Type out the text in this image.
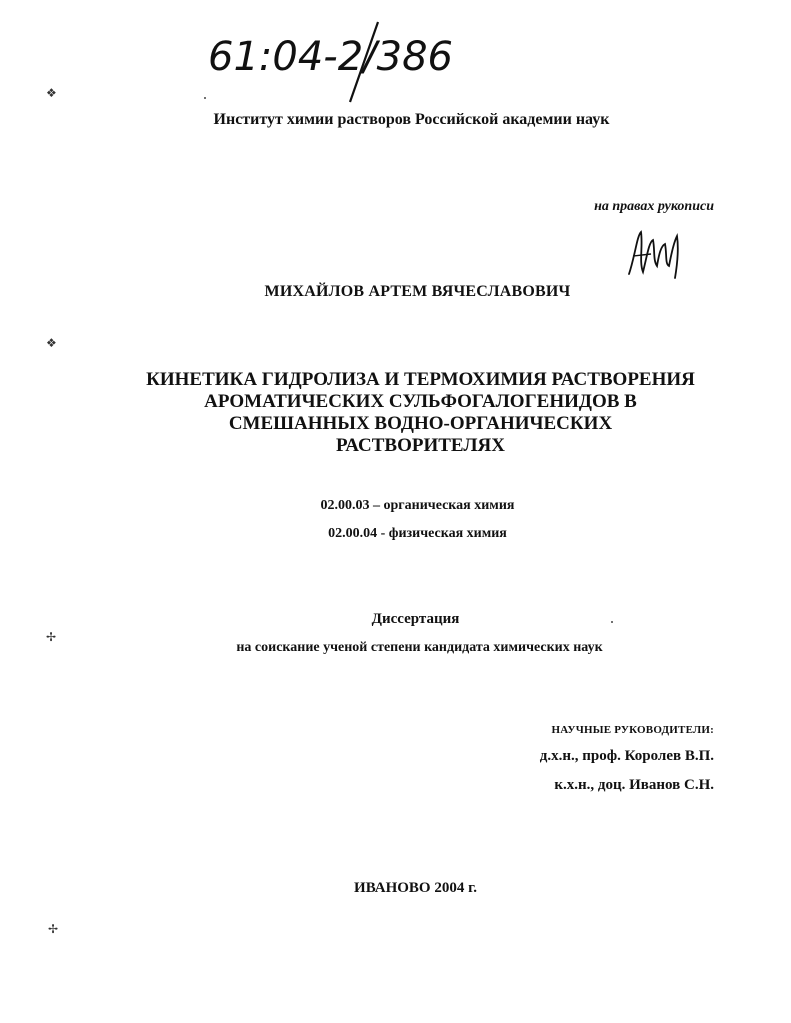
61:04-2/386
❖
❖
✢
✢
Институт химии растворов Российской академии наук
на правах рукописи
МИХАЙЛОВ АРТЕМ ВЯЧЕСЛАВОВИЧ
КИНЕТИКА ГИДРОЛИЗА И ТЕРМОХИМИЯ РАСТВОРЕНИЯ
АРОМАТИЧЕСКИХ СУЛЬФОГАЛОГЕНИДОВ В
СМЕШАННЫХ ВОДНО-ОРГАНИЧЕСКИХ
РАСТВОРИТЕЛЯХ
02.00.03 – органическая химия
02.00.04 - физическая химия
Диссертация
на соискание ученой степени кандидата химических наук
НАУЧНЫЕ РУКОВОДИТЕЛИ:
д.х.н., проф. Королев В.П.
к.х.н., доц. Иванов С.Н.
ИВАНОВО 2004 г.
